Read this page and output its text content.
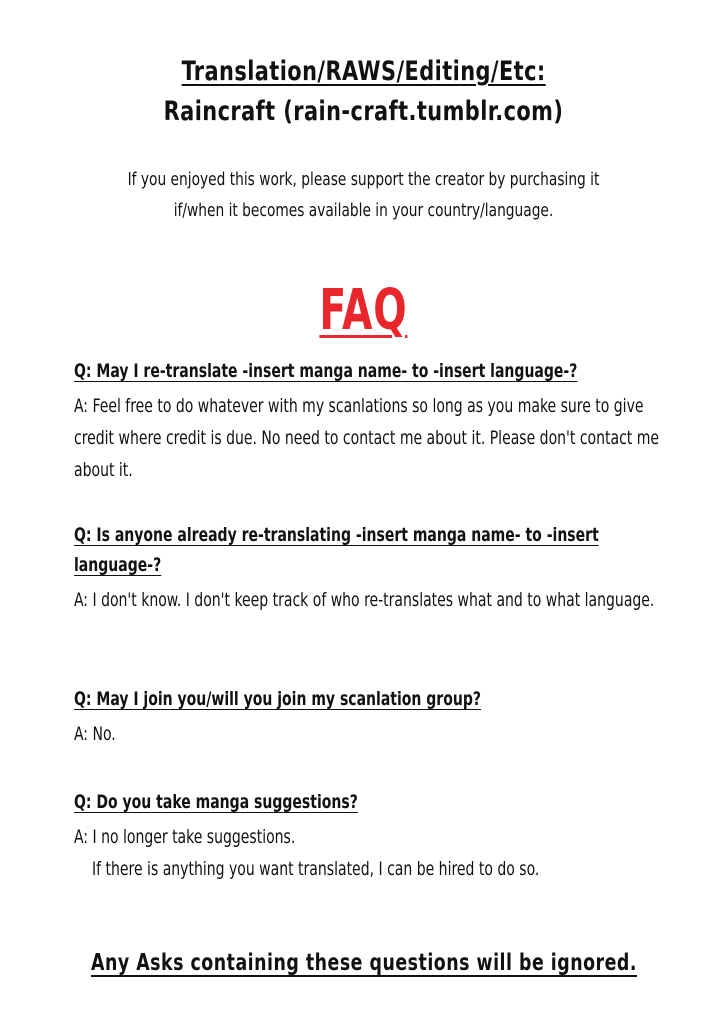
Translation/RAWS/Editing/Etc:
Raincraft (rain-craft.tumblr.com)
If you enjoyed this work, please support the creator by purchasing it if/when it becomes available in your country/language.
FAQ
Q: May I re-translate -insert manga name- to -insert language-?
A: Feel free to do whatever with my scanlations so long as you make sure to give credit where credit is due. No need to contact me about it. Please don't contact me about it.
Q: Is anyone already re-translating -insert manga name- to -insert language-?
A: I don't know. I don't keep track of who re-translates what and to what language.
Q: May I join you/will you join my scanlation group?
A: No.
Q: Do you take manga suggestions?
A: I no longer take suggestions.
If there is anything you want translated, I can be hired to do so.
Any Asks containing these questions will be ignored.
